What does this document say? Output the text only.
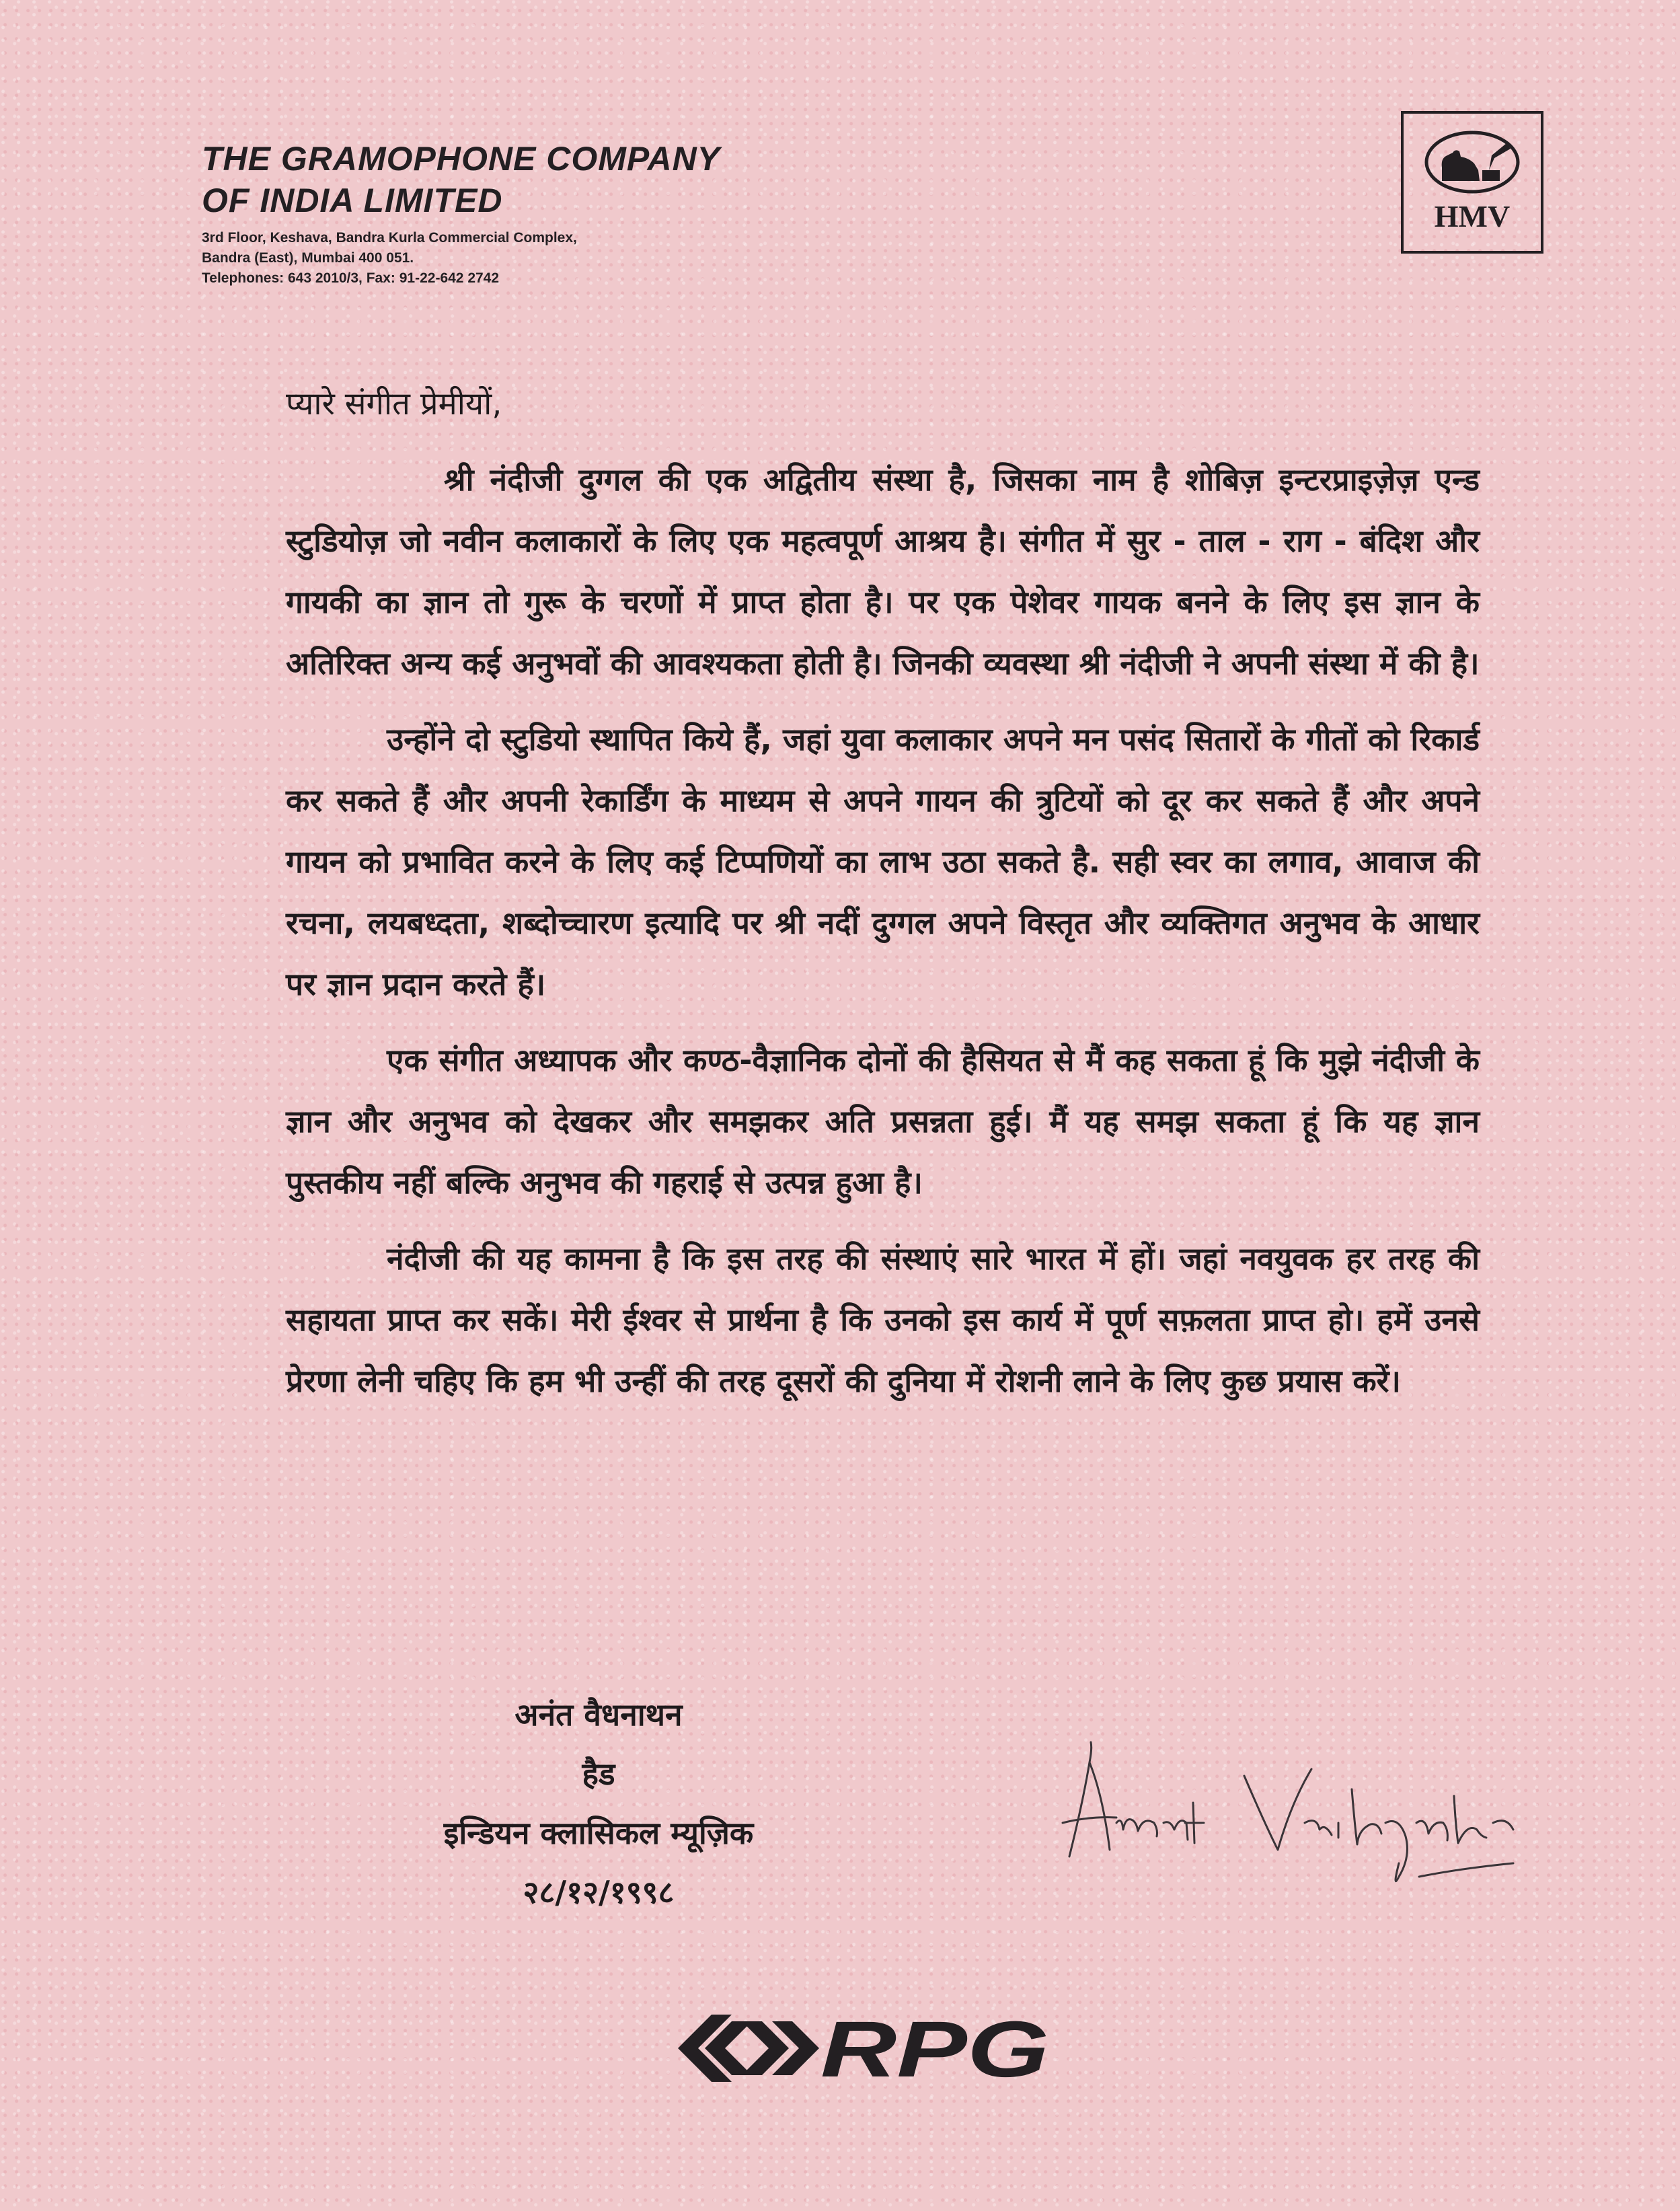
THE GRAMOPHONE COMPANY
OF INDIA LIMITED
3rd Floor, Keshava, Bandra Kurla Commercial Complex,
Bandra (East), Mumbai 400 051.
Telephones: 643 2010/3, Fax: 91-22-642 2742
HMV
प्यारे संगीत प्रेमीयों,

श्री नंदीजी दुग्गल की एक अद्वितीय संस्था है, जिसका नाम है शोबिज़ इन्टरप्राइज़ेज़ एन्ड स्टुडियोज़ जो नवीन कलाकारों के लिए एक महत्वपूर्ण आश्रय है। संगीत में सुर - ताल - राग - बंदिश और गायकी का ज्ञान तो गुरू के चरणों में प्राप्त होता है। पर एक पेशेवर गायक बनने के लिए इस ज्ञान के अतिरिक्त अन्य कई अनुभवों की आवश्यकता होती है। जिनकी व्यवस्था श्री नंदीजी ने अपनी संस्था में की है।

उन्होंने दो स्टुडियो स्थापित किये हैं, जहां युवा कलाकार अपने मन पसंद सितारों के गीतों को रिकार्ड कर सकते हैं और अपनी रेकार्डिंग के माध्यम से अपने गायन की त्रुटियों को दूर कर सकते हैं और अपने गायन को प्रभावित करने के लिए कई टिप्पणियों का लाभ उठा सकते है. सही स्वर का लगाव, आवाज की रचना, लयबध्दता, शब्दोच्चारण इत्यादि पर श्री नदीं दुग्गल अपने विस्तृत और व्यक्तिगत अनुभव के आधार पर ज्ञान प्रदान करते हैं।

एक संगीत अध्यापक और कण्ठ-वैज्ञानिक दोनों की हैसियत से मैं कह सकता हूं कि मुझे नंदीजी के ज्ञान और अनुभव को देखकर और समझकर अति प्रसन्नता हुई। मैं यह समझ सकता हूं कि यह ज्ञान पुस्तकीय नहीं बल्कि अनुभव की गहराई से उत्पन्न हुआ है।

नंदीजी की यह कामना है कि इस तरह की संस्थाएं सारे भारत में हों। जहां नवयुवक हर तरह की सहायता प्राप्त कर सकें। मेरी ईश्वर से प्रार्थना है कि उनको इस कार्य में पूर्ण सफ़लता प्राप्त हो। हमें उनसे प्रेरणा लेनी चहिए कि हम भी उन्हीं की तरह दूसरों की दुनिया में रोशनी लाने के लिए कुछ प्रयास करें।

अनंत वैधनाथन
हैड
इन्डियन क्लासिकल म्यूज़िक
२८/१२/१९९८
RPG
